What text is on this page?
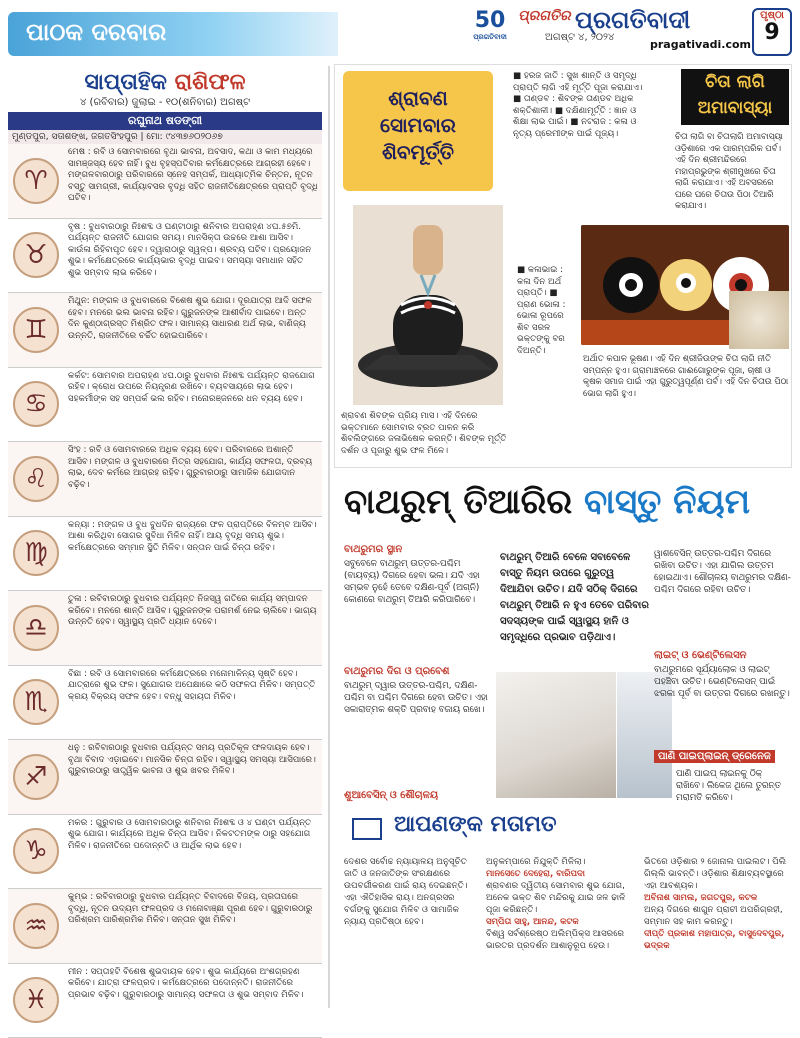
ପାଠକ ଦରବାର	50
ପ୍ରଗତିବାଦୀ
ପ୍ରଗତିର ପ୍ରଗତିବାଦୀ
ଅଗଷ୍ଟ ୪, ୨୦୨୪
pragativadi.com
ପୃଷ୍ଠା
9
ସାପ୍ତାହିକ ରାଶିଫଳ
୪ (ରବିବାର) ଜୁଲାଇ - ୧୦(ଶନିବାର) ଅଗଷ୍ଟ
ରଘୁନାଥ ଷଡଙ୍ଗୀ
ମୁଣ୍ଡପୁର, ସତାଶଙ୍ଖ, ଜଗତସିଂହପୁର | ମୋ: ୯୪୩୭୬୦୨୦୬୭
♈
ମେଷ : ରବି ଓ ସୋମବାରରେ ବୃଥା ଭାବନା, ଅବସାଦ, କଥା ଓ କାମ ମଧ୍ୟରେ ସାମଞ୍ଜସ୍ୟ ହେବ ନାହିଁ। ବୁଧ ବୃହସ୍ପତିବାର କର୍ମକ୍ଷେତ୍ରରେ ଆଗ୍ରହୀ ହେବେ। ମଙ୍ଗଳବାରଠାରୁ ପରିବାରରେ ସ୍ନେହ ସମ୍ପର୍କ, ଆଧ୍ୟାତ୍ମିକ ଚିନ୍ତନ, ନୂତନ ବସ୍ତୁ ସାମଗ୍ରୀ, କାର୍ଯ୍ୟାବସର ବୃଦ୍ଧି ସହିତ ରାଜନୀତିକ୍ଷେତ୍ରରେ ପ୍ରାପ୍ତି ବୃଦ୍ଧି ଘଟିବ।
♉
ବୃଷ : ବୁଧବାରଠାରୁ ନିଃଶବ୍ଦ ଓ ଘଣ୍ଟାଠାରୁ ଶନିବାର ଅପରାହ୍ଣ ୪ଘ.୫୭ମି. ପର୍ଯ୍ୟନ୍ତ ରାଜନୀତି ଯୋଗର ସମୟ। ମାନସିକ୍ତା ଉଚ୍ଚରେ ଆଶା ଆସିବ। କାଉଁଳା ରିହିବାପୃତ ହେବ। ଦ୍ୱାରାଠାରୁ ସ୍ୱଳ୍ପ। ଶ୍ରବ୍ୟ ଘଟିବ। ପ୍ରୟୋଜନ ଶୁଭ। କର୍ମକ୍ଷେତ୍ରରେ କାର୍ଯ୍ୟଭାର ବୃଦ୍ଧି ପାଇବ। ସମସ୍ୟା ସମାଧାନ ସହିତ ଶୁଭ ସମ୍ବାଦ ଲାଭ କରିବେ।
♊
ମିଥୁନ: ମଙ୍ଗଳ ଓ ବୁଧବାରରେ ବିଶେଷ ଶୁଭ ଯୋଗ। ଦୂରଯାତ୍ରା ଆଦି ସଫଳ ହେବ। ମନରେ ଭଲ ଭାବନା ରହିବ। ଗୁରୁଜନଙ୍କ ଆଶୀର୍ବାଦ ପାଇବେ। ଅନ୍ତ ଦିନ କୁଣ୍ଠାଗ୍ରସ୍ତ ମିଶ୍ରିତ ଫଳ। ସାମାନ୍ୟ ସାଧାରଣ ଅର୍ଥ ଲାଭ, ବାଣିଜ୍ୟ ଉନ୍ନତି, ରାଜନୀତିରେ ଚର୍ଚ୍ଚିତ ହୋଇପାରିବେ।
♋
କର୍କଟ: ସୋମବାର ଅପରାହ୍ଣ ୪ଘ.ଠାରୁ ବୁଧବାର ନିଃଶବ୍ଦ ପର୍ଯ୍ୟନ୍ତ ରାଜଯୋଗ ରହିବ। କ୍ରୋଧ ଉପରେ ନିୟନ୍ତ୍ରଣ ରଖିବେ। ବ୍ୟବସାୟରେ ଲାଭ ହେବ। ସହକର୍ମୀଙ୍କ ସହ ସମ୍ପର୍କ ଭଲ ରହିବ। ମନୋରଞ୍ଜନରେ ଧନ ବ୍ୟୟ ହେବ।
♌
ସିଂହ : ରବି ଓ ସୋମବାରରେ ଅଧିକ ବ୍ୟୟ ହେବ। ପରିବାରରେ ଅଶାନ୍ତି ଆସିବ। ମଙ୍ଗଳ ଓ ବୁଧବାରରେ ମିତ୍ର ସହଯୋଗ, କାର୍ଯ୍ୟ ସଫଳତା, ଦ୍ରବ୍ୟ ଲାଭ, ଦେବ କର୍ମରେ ଆଗ୍ରହ ରହିବ। ଗୁରୁବାରଠାରୁ ସାମାଜିକ ଯୋଗଦାନ ବଢ଼ିବ।
♍
କନ୍ୟା : ମଙ୍ଗଳ ଓ ବୁଧ ବୁଧଦିନ ରାଜ୍ୟରେ ଫଳ ପ୍ରାପ୍ତିରେ ବିଳମ୍ବ ଆସିବ। ଆଶା କରିଥିବା ସୋଗର ସୁବିଧା ମିଳିବ ନାହିଁ। ଆୟ ବୃଦ୍ଧି ସମୟ ଶୁଭ। କର୍ମକ୍ଷେତ୍ରରେ ସମ୍ମାନ ସ୍ଥିତି ମିଳିବ। ସନ୍ତାନ ପାଇଁ ଚିନ୍ତା ରହିବ।
♎
ତୁଳା : ରବିବାରଠାରୁ ବୁଧବାର ପର୍ଯ୍ୟନ୍ତ ନିଜସ୍ୱ ଗତିରେ କାର୍ଯ୍ୟ ସମ୍ପାଦନ କରିବେ। ମନରେ ଶାନ୍ତି ଆସିବ। ଗୁରୁଜନଙ୍କ ପରାମର୍ଶ ନେଇ ଚାଲିବେ। ଭାଗ୍ୟ ଉନ୍ନତି ହେବ। ସ୍ୱାସ୍ଥ୍ୟ ପ୍ରତି ଧ୍ୟାନ ଦେବେ।
♏
ବିଛା : ରବି ଓ ସୋମବାରରେ କର୍ମକ୍ଷେତ୍ରରେ ମନୋମାଳିନ୍ୟ ସୃଷ୍ଟି ହେବ। ଯାତ୍ରାରେ ଶୁଭ ଫଳ। ସୁଯୋଗର ଅପେକ୍ଷାରେ କଠି ସଫଳତା ମିଳିବ। ସମ୍ପତ୍ତି କ୍ରୟ ବିକ୍ରୟ ସଫଳ ହେବ। ବନ୍ଧୁ ସହାୟତା ମିଳିବ।
♐
ଧନୁ : ରବିବାରଠାରୁ ବୁଧବାର ପର୍ଯ୍ୟନ୍ତ ସମୟ ପ୍ରତିକୂଳ ଫଳଦାୟକ ହେବ। ବୃଥା ବିବାଦ ଏଡ଼ାଇବେ। ମାନସିକ ଚିନ୍ତା ରହିବ। ସ୍ୱାସ୍ଥ୍ୟ ସମସ୍ୟା ଆସିପାରେ। ଗୁରୁବାରଠାରୁ ସାତ୍ତ୍ୱିକ ଭାବନା ଓ ଶୁଭ ଖବର ମିଳିବ।
♑
ମକର : ଗୁରୁବାର ଓ ସୋମବାରଠାରୁ ଶନିବାର ନିଃଶବ୍ଦ ଓ ୪ ଘଣ୍ଟା ପର୍ଯ୍ୟନ୍ତ ଶୁଭ ଯୋଗ। କାର୍ଯ୍ୟରେ ଅଧିକ ଚିନ୍ତା ଆସିବ। ନିକଟତମଙ୍କ ଠାରୁ ସହଯୋଗ ମିଳିବ। ରାଜନୀତିରେ ପଦୋନ୍ନତି ଓ ଆର୍ଥିକ ଲାଭ ହେବ।
♒
କୁମ୍ଭ : ରବିବାରଠାରୁ ବୁଧବାର ପର୍ଯ୍ୟନ୍ତ ବିବାଦରେ ବିଜୟ, ପ୍ରତାପରେ ବୃଦ୍ଧି, ନୂତନ ଉଦ୍ୟମ ଫଳପ୍ରଦ ଓ ମନୋବାଞ୍ଛା ପୂରଣ ହେବ। ଗୁରୁବାରଠାରୁ ପରିଶ୍ରମ ପାରିଶ୍ରମିକ ମିଳିବ। ସନ୍ତାନ ସୁଖ ମିଳିବ।
♓
ମୀନ : ସପ୍ତାହଟି ବିଶେଷ ଶୁଭଦାୟକ ହେବ। ଶୁଭ କାର୍ଯ୍ୟରେ ଅଂଶଗ୍ରହଣ କରିବେ। ଯାତ୍ରା ଫଳପ୍ରଦ। କର୍ମକ୍ଷେତ୍ରରେ ପଦୋନ୍ନତି। ରାଜନୀତିରେ ପ୍ରଭାବ ବଢ଼ିବ। ଗୁରୁବାରଠାରୁ ସାମାନ୍ୟ ସଫଳତା ଓ ଶୁଭ ସମ୍ବାଦ ମିଳିବ।
ଶ୍ରାବଣ
ସୋମବାର
ଶିବମୂର୍ତ୍ତି
ଶ୍ରାବଣ ଶିବଙ୍କ ପ୍ରିୟ ମାସ। ଏହି ଦିନରେ ଭକ୍ତମାନେ ସୋମବାର ବ୍ରତ ପାଳନ କରି ଶିବଲିଙ୍ଗରେ ଜଳାଭିଷେକ କରନ୍ତି। ଶିବଙ୍କ ମୂର୍ତ୍ତି ଦର୍ଶନ ଓ ପୂଜାରୁ ଶୁଭ ଫଳ ମିଳେ।
■ ହରଜ ଜାତି : ସୁଖ ଶାନ୍ତି ଓ ସମୃଦ୍ଧି ପ୍ରାପ୍ତି ଲାଗି ଏହି ମୂର୍ତ୍ତି ପୂଜା କରାଯାଏ। ■ ତାଣ୍ଡବ : ଶିବଙ୍କ ତାଣ୍ଡବ ଅଧିକ ଶକ୍ତିଶାଳୀ। ■ ଦକ୍ଷିଣାମୂର୍ତ୍ତି : ଜ୍ଞାନ ଓ ଶିକ୍ଷା ଲାଭ ପାଇଁ। ■ ନଟରାଜ : କଳା ଓ ନୃତ୍ୟ ପ୍ରେମୀଙ୍କ ପାଇଁ ପୂଜ୍ୟ।
■ କଳାଭାଇ : କଳା ଦିନ ଅର୍ଥ ପ୍ରାପ୍ତି। ■ ପ୍ରାଣ ଭୋଳା : ଭୋଳା ରୂପରେ ଶିବ ସରଳ ଭକ୍ତଙ୍କୁ ବର ଦିଅନ୍ତି।
ଚିତା ଲାଗି
ଅମାବାସ୍ୟା
ଚିତା ଲାଗି ବା ଚିତାଲାଗି ଅମାବାସ୍ୟା ଓଡ଼ିଶାରେ ଏକ ପାରମ୍ପରିକ ପର୍ବ। ଏହି ଦିନ ଶ୍ରୀମନ୍ଦିରରେ ମହାପ୍ରଭୁଙ୍କ ଶ୍ରୀମୁଖରେ ଚିତା ଲାଗି କରାଯାଏ। ଏହି ଅବସରରେ ଘରେ ଘରେ ଚିତାଉ ପିଠା ତିଆରି କରାଯାଏ।
ଅର୍ଥାତ କପାଳ ଭୂଷଣ। ଏହି ଦିନ ଶ୍ରୀଜିଉଙ୍କ ଚିତା ଲାଗି ନୀତି ସମ୍ପନ୍ନ ହୁଏ। ଗ୍ରାମାଞ୍ଚଳରେ ଗାଈଗୋରୁଙ୍କ ପୂଜା, ଚାଷୀ ଓ କୃଷକ ସମାଜ ପାଇଁ ଏହା ଗୁରୁତ୍ୱପୂର୍ଣ୍ଣ ପର୍ବ। ଏହି ଦିନ ଚିତାଉ ପିଠା ଭୋଗ ଲାଗି ହୁଏ।
ବାଥରୁମ୍ ତିଆରିର ବାସ୍ତୁ ନିୟମ
ବାଥରୁମର ସ୍ଥାନ
ସବୁବେଳେ ବାଥରୁମ୍ ଉତ୍ତର-ପଶ୍ଚିମ (ବାୟବ୍ୟ) ଦିଗରେ ହେବା ଭଲ। ଯଦି ଏହା ସମ୍ଭବ ନୁହେଁ ତେବେ ଦକ୍ଷିଣ-ପୂର୍ବ (ଅଗ୍ନି) କୋଣରେ ବାଥରୁମ୍ ତିଆରି କରିପାରିବେ।
ବାଥରୁମର ଦିଗ ଓ ପ୍ରବେଶ
ବାଥରୁମ୍ ଦ୍ୱାର ଉତ୍ତର-ପଶ୍ଚିମ, ଦକ୍ଷିଣ-ପଶ୍ଚିମ ବା ପଶ୍ଚିମ ଦିଗରେ ହେବା ଉଚିତ। ଏହା ସକାରାତ୍ମକ ଶକ୍ତି ପ୍ରବାହ ବଜାୟ ରଖେ।
ଶୁଆବେସିନ୍ ଓ ଶୌଚାଳୟ
ବାଥରୁମ୍ ତିଆରି ବେଳେ ସବାବେଳେ ବାସ୍ତୁ ନିୟମ ଉପରେ ଗୁରୁତ୍ୱ ଦିଆଯିବା ଉଚିତ। ଯଦି ସଠିକ୍ ଦିଗରେ ବାଥରୁମ୍ ତିଆରି ନ ହୁଏ ତେବେ ପରିବାର ସଦସ୍ୟଙ୍କ ପାଇଁ ସ୍ୱାସ୍ଥ୍ୟ ହାନି ଓ ସମୃଦ୍ଧିରେ ପ୍ରଭାବ ପଡ଼ିଥାଏ।
ୱାଶବେସିନ୍ ଉତ୍ତର-ପଶ୍ଚିମ ଦିଗରେ ରଖିବା ଉଚିତ। ଏହା ଯାଗିଲ ଉତ୍ତମ ହୋଇଥାଏ। ଶୌଚାଳୟ ବାଥରୁମର ଦକ୍ଷିଣ-ପଶ୍ଚିମ ଦିଗରେ ରହିବା ଉଚିତ।
ଲାଇଟ୍ ଓ ଭେଣ୍ଟିଲେସନ
ବାଥରୁମରେ ସୂର୍ଯ୍ୟାଲୋକ ଓ ଲାଇଟ୍ ପହଞ୍ଚିବା ଉଚିତ। ଭେଣ୍ଟିଲେସନ୍ ପାଇଁ ଝରକା ପୂର୍ବ ବା ଉତ୍ତର ଦିଗରେ ରଖନ୍ତୁ।
ପାଣି ପାଇପ୍‌ଲାଇନ୍ ଡ୍ରେନେଜ
ପାଣି ପାଇପ୍ ଲାଇନକୁ ଠିକ୍ ରାଖିବେ। ଲିକେଜ ଥିଲେ ତୁରନ୍ତ ମରାମତି କରିବେ।
ଆପଣଙ୍କ ମତାମତ
ଦେଶର ସର୍ବୋଚ୍ଚ ନ୍ୟାୟାଳୟ ଅନୁସୂଚିତ ଜାତି ଓ ଜନଜାତିଙ୍କ ସଂରକ୍ଷଣରେ ଉପବର୍ଗୀକରଣ ପାଇଁ ରାୟ ଦେଇଛନ୍ତି। ଏହା ଐତିହାସିକ ରାୟ। ଅନଗ୍ରସର ବର୍ଗଙ୍କୁ ସୁଯୋଗ ମିଳିବ ଓ ସାମାଜିକ ନ୍ୟାୟ ପ୍ରତିଷ୍ଠା ହେବ।
ଅନୁକମ୍ପାରେ ନିଯୁକ୍ତି ମିଳିଲା।
ମାନସେତେ ଦେହେରା, ବାରିପଦା
ଶ୍ରାବଣର ଦ୍ୱିତୀୟ ସୋମବାର ଶୁଭ ଯୋଗ, ଅନେକ ଭକ୍ତ ଶିବ ମନ୍ଦିରକୁ ଯାଇ ଜଳ ଢାଳି ପୂଜା କରିଛନ୍ତି।
ସମ୍ପିତା ସାହୁ, ଆନନ୍ଦ, କଟକ
ବିଶ୍ୱ ସର୍ବଶ୍ରେଷ୍ଠ ଅଲିମ୍ପିକ୍ସ ଆସରରେ ଭାରତର ପ୍ରଦର୍ଶନ ଆଶାନୁରୂପ ହେଉ।
ଭିତରେ ଓଡ଼ିଶାର ୨ ଜୋନାଲ ପାଇଲଟ। ପିଲି ଗିଲ୍ଲି ଭାବନ୍ତି। ଓଡ଼ିଶାର ଶିକ୍ଷାବ୍ୟବସ୍ଥାରେ ଏହା ଆବଶ୍ୟକ।
ଅବିନାଶ ସାମଲ, ଜଗତପୁର, କଟକ
ଅନ୍ୟ ଦିଗରେ ଶାଗୁନ ପ୍ରାଚୀ ଅପରିଗ୍ରହୀ, ସମ୍ମାନ ସହ କାମ କରନ୍ତୁ।
ଦୀପ୍ତି ପ୍ରକାଶ ମହାପାତ୍ର, ବାସୁଦେବପୁର, ଭଦ୍ରକ
